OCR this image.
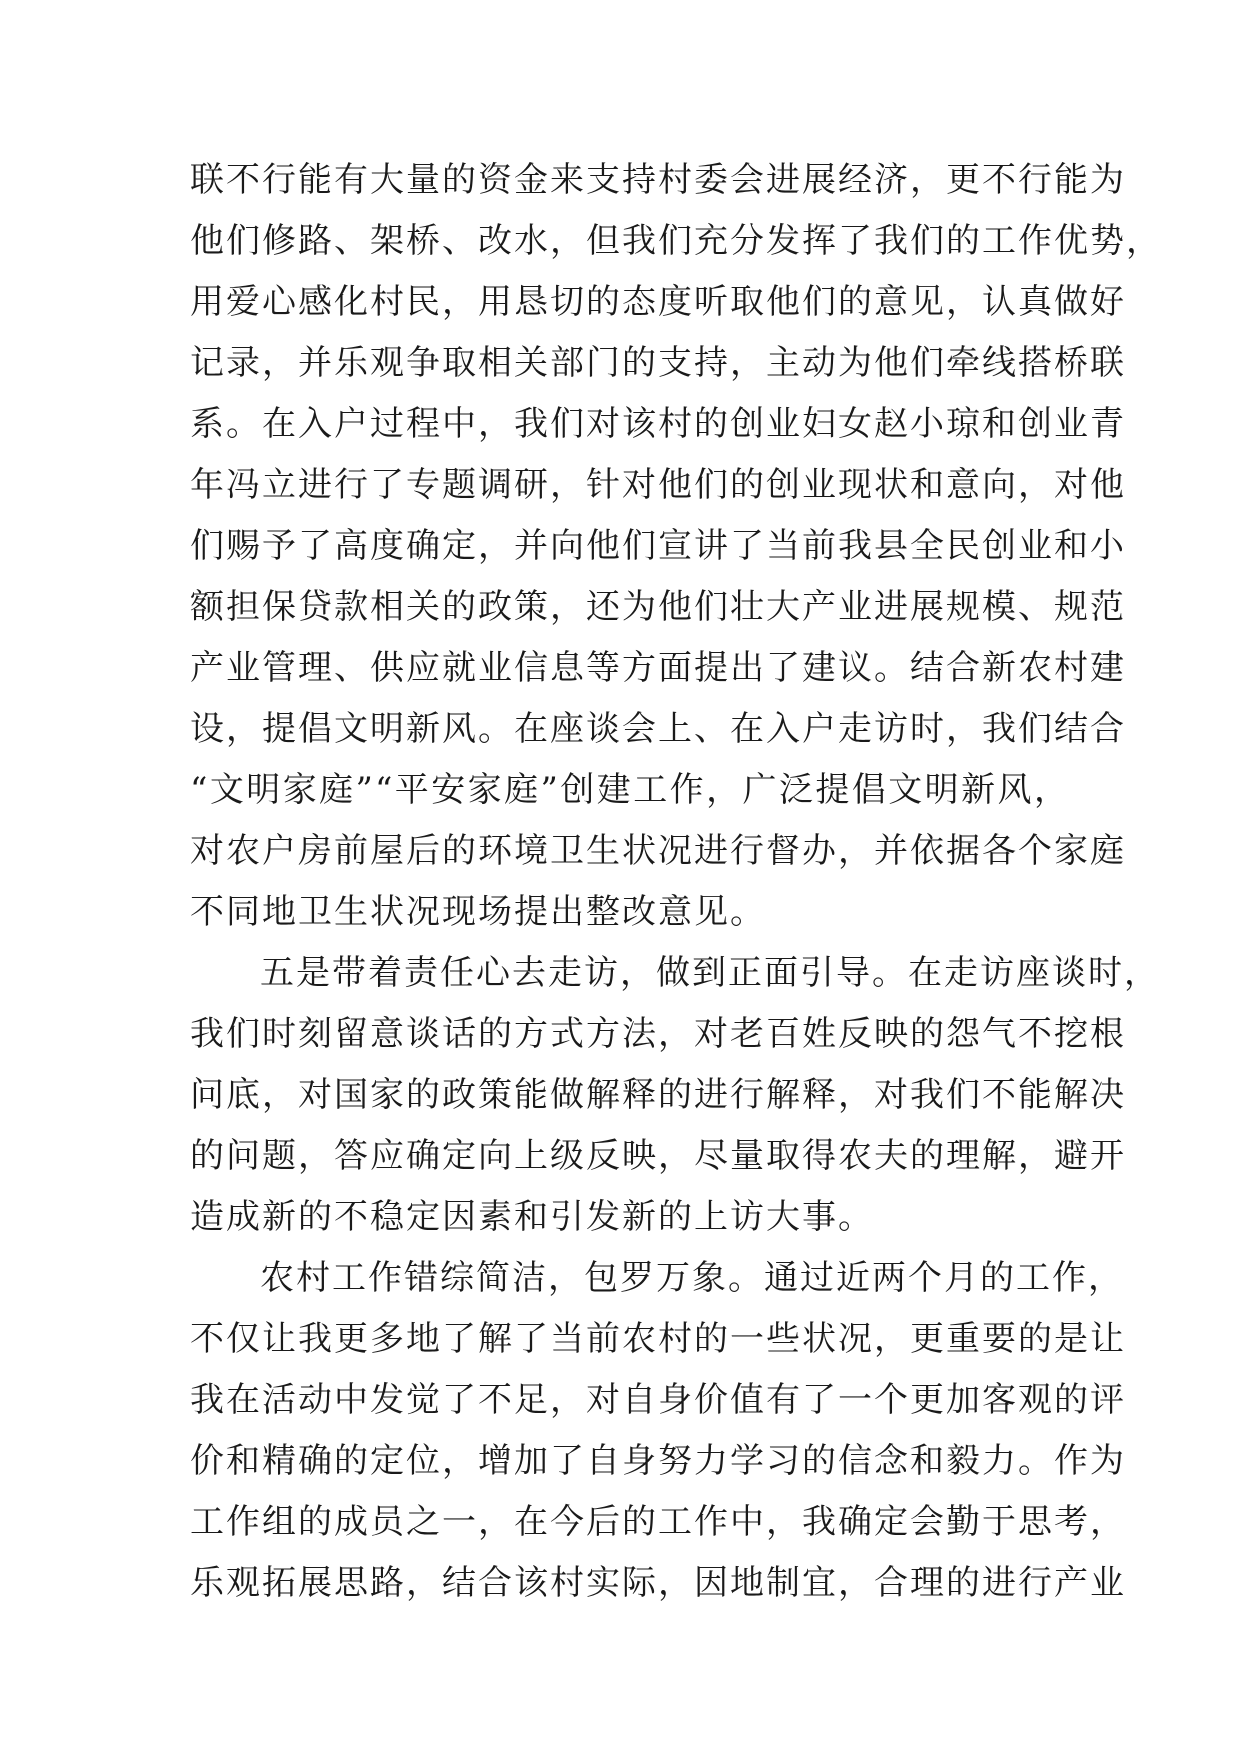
联不行能有大量的资金来支持村委会进展经济，更不行能为
他们修路、架桥、改水，但我们充分发挥了我们的工作优势，
用爱心感化村民，用恳切的态度听取他们的意见，认真做好
记录，并乐观争取相关部门的支持，主动为他们牵线搭桥联
系。在入户过程中，我们对该村的创业妇女赵小琼和创业青
年冯立进行了专题调研，针对他们的创业现状和意向，对他
们赐予了高度确定，并向他们宣讲了当前我县全民创业和小
额担保贷款相关的政策，还为他们壮大产业进展规模、规范
产业管理、供应就业信息等方面提出了建议。结合新农村建
设，提倡文明新风。在座谈会上、在入户走访时，我们结合
“文明家庭”“平安家庭”创建工作，广泛提倡文明新风，
对农户房前屋后的环境卫生状况进行督办，并依据各个家庭
不同地卫生状况现场提出整改意见。
五是带着责任心去走访，做到正面引导。在走访座谈时，
我们时刻留意谈话的方式方法，对老百姓反映的怨气不挖根
问底，对国家的政策能做解释的进行解释，对我们不能解决
的问题，答应确定向上级反映，尽量取得农夫的理解，避开
造成新的不稳定因素和引发新的上访大事。
农村工作错综简洁，包罗万象。通过近两个月的工作，
不仅让我更多地了解了当前农村的一些状况，更重要的是让
我在活动中发觉了不足，对自身价值有了一个更加客观的评
价和精确的定位，增加了自身努力学习的信念和毅力。作为
工作组的成员之一，在今后的工作中，我确定会勤于思考，
乐观拓展思路，结合该村实际，因地制宜，合理的进行产业
